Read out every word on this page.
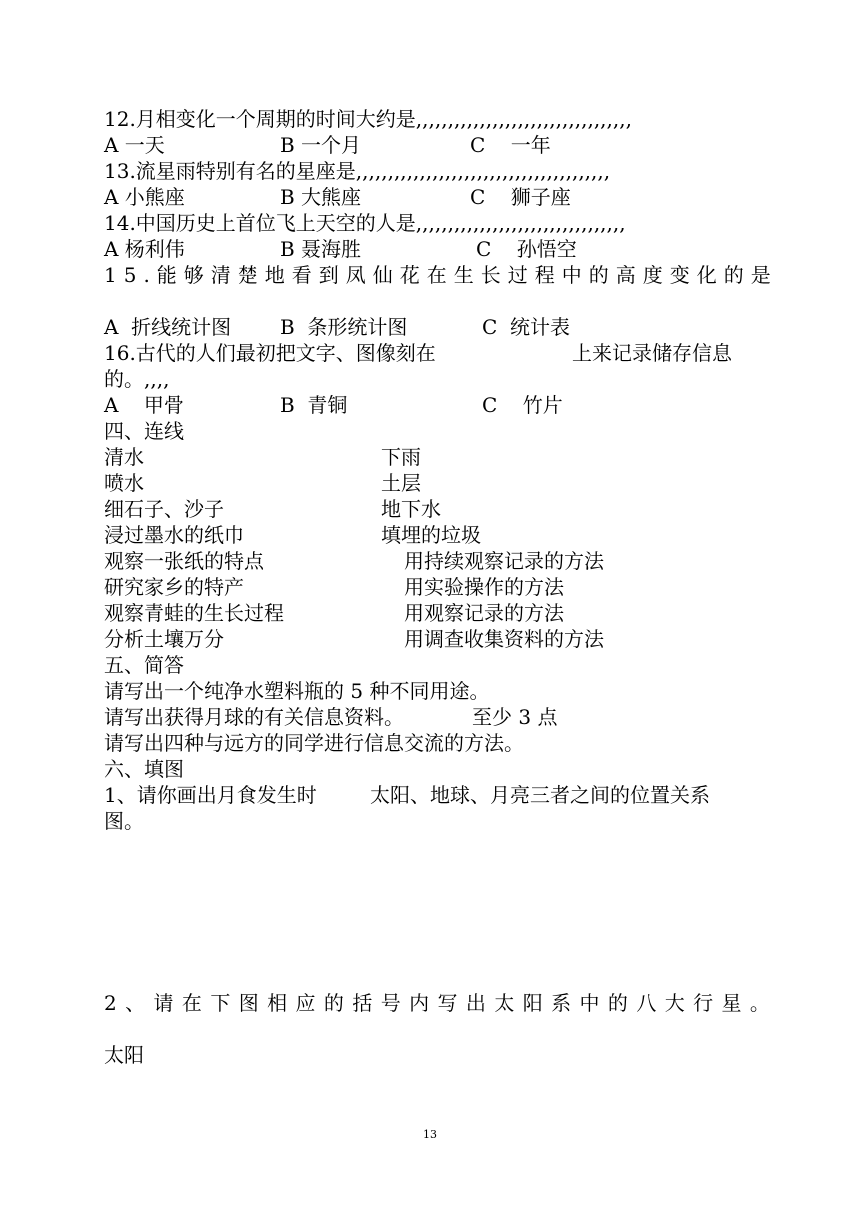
12.月相变化一个周期的时间大约是,,,,,,,,,,,,,,,,,,,,,,,,,,,,,,,,,,
A 一天	B 一个月	C    一年
13.流星雨特别有名的星座是,,,,,,,,,,,,,,,,,,,,,,,,,,,,,,,,,,,,,,,,
A 小熊座	B 大熊座	C    狮子座
14.中国历史上首位飞上天空的人是,,,,,,,,,,,,,,,,,,,,,,,,,,,,,,,,,
A 杨利伟	B 聂海胜	C    孙悟空
15.能够清楚地看到凤仙花在生长过程中的高度变化的是
A  折线统计图 B  条形统计图	C  统计表
16.古代的人们最初把文字、图像刻在	上来记录储存信息
的。,,,,
A    甲骨	B  青铜	C    竹片
四、连线
清水	下雨
喷水	土层
细石子、沙子	地下水
浸过墨水的纸巾	填埋的垃圾
观察一张纸的特点	用持续观察记录的方法
研究家乡的特产	用实验操作的方法
观察青蛙的生长过程	用观察记录的方法
分析土壤万分	用调查收集资料的方法
五、简答
请写出一个纯净水塑料瓶的 5 种不同用途。
请写出获得月球的有关信息资料。	至少 3 点
请写出四种与远方的同学进行信息交流的方法。
六、填图
1、请你画出月食发生时	太阳、地球、月亮三者之间的位置关系
图。
2、请在下图相应的括号内写出太阳系中的八大行星。
太阳
13
